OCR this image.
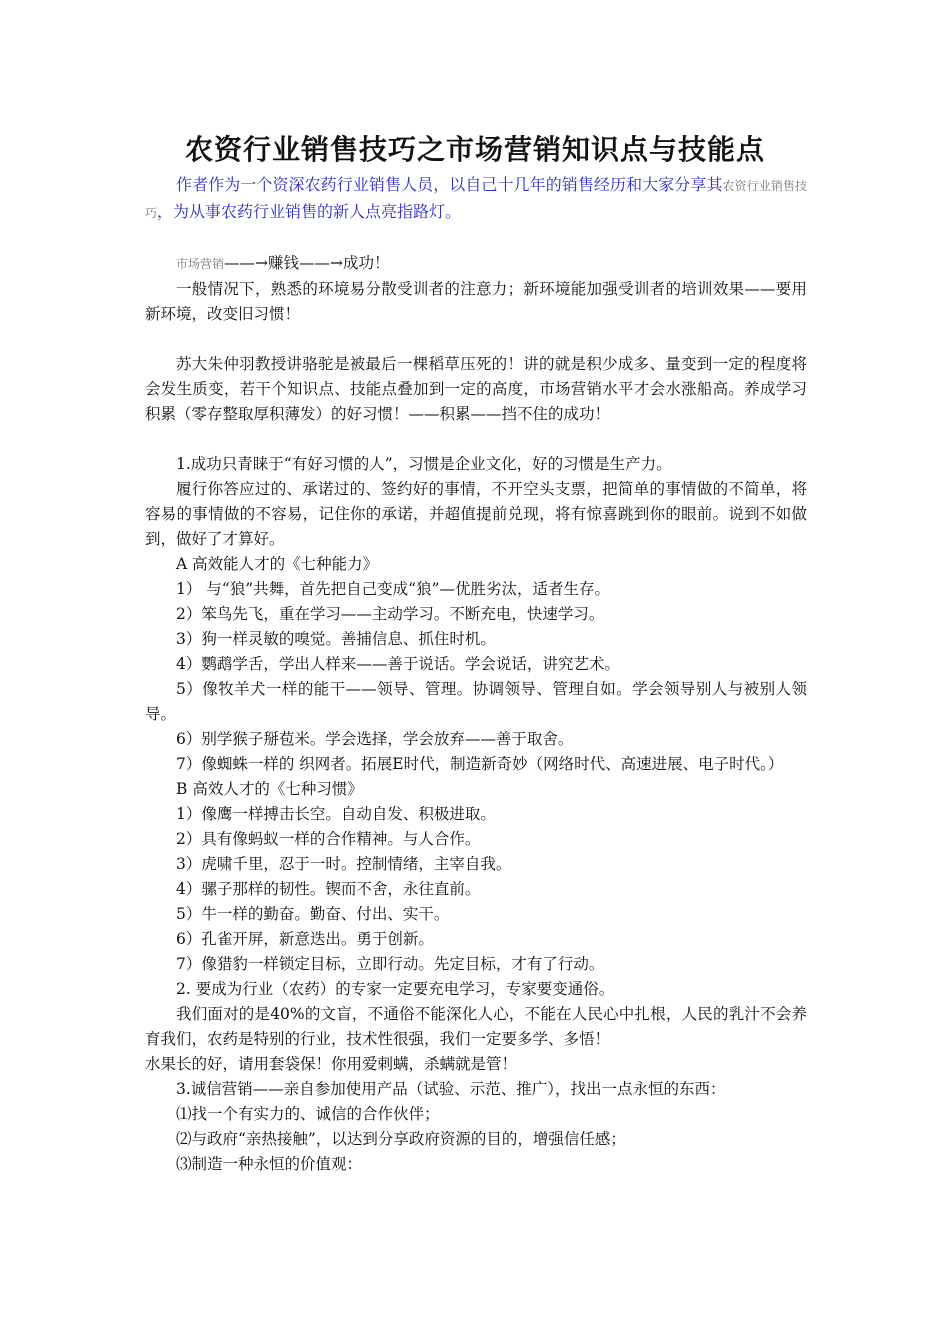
农资行业销售技巧之市场营销知识点与技能点

作者作为一个资深农药行业销售人员，以自己十几年的销售经历和大家分享其农资行业销售技巧，为从事农药行业销售的新人点亮指路灯。

市场营销——→赚钱——→成功！

一般情况下，熟悉的环境易分散受训者的注意力；新环境能加强受训者的培训效果——要用新环境，改变旧习惯！

苏大朱仲羽教授讲骆驼是被最后一棵稻草压死的！讲的就是积少成多、量变到一定的程度将会发生质变，若干个知识点、技能点叠加到一定的高度，市场营销水平才会水涨船高。养成学习积累（零存整取厚积薄发）的好习惯！——积累——挡不住的成功！

1.成功只青睐于“有好习惯的人”，习惯是企业文化，好的习惯是生产力。

履行你答应过的、承诺过的、签约好的事情，不开空头支票，把简单的事情做的不简单，将容易的事情做的不容易，记住你的承诺，并超值提前兑现，将有惊喜跳到你的眼前。说到不如做到，做好了才算好。

A 高效能人才的《七种能力》

1） 与“狼”共舞，首先把自己变成“狼”—优胜劣汰，适者生存。

2）笨鸟先飞，重在学习——主动学习。不断充电，快速学习。

3）狗一样灵敏的嗅觉。善捕信息、抓住时机。

4）鹦鹉学舌，学出人样来——善于说话。学会说话，讲究艺术。

5）像牧羊犬一样的能干——领导、管理。协调领导、管理自如。学会领导别人与被别人领导。

6）别学猴子掰苞米。学会选择，学会放弃——善于取舍。

7）像蜘蛛一样的 织网者。拓展E时代，制造新奇妙（网络时代、高速进展、电子时代。）

B 高效人才的《七种习惯》

1）像鹰一样搏击长空。自动自发、积极进取。

2）具有像蚂蚁一样的合作精神。与人合作。

3）虎啸千里，忍于一时。控制情绪，主宰自我。

4）骡子那样的韧性。锲而不舍，永往直前。

5）牛一样的勤奋。勤奋、付出、实干。

6）孔雀开屏，新意迭出。勇于创新。

7）像猎豹一样锁定目标，立即行动。先定目标，才有了行动。

2. 要成为行业（农药）的专家一定要充电学习，专家要变通俗。

我们面对的是40%的文盲，不通俗不能深化人心，不能在人民心中扎根，人民的乳汁不会养育我们，农药是特别的行业，技术性很强，我们一定要多学、多悟！

水果长的好，请用套袋保！你用爱剌螨，杀螨就是管！

3.诚信营销——亲自参加使用产品（试验、示范、推广），找出一点永恒的东西：

⑴找一个有实力的、诚信的合作伙伴；

⑵与政府“亲热接触”，以达到分享政府资源的目的，增强信任感；

⑶制造一种永恒的价值观：
